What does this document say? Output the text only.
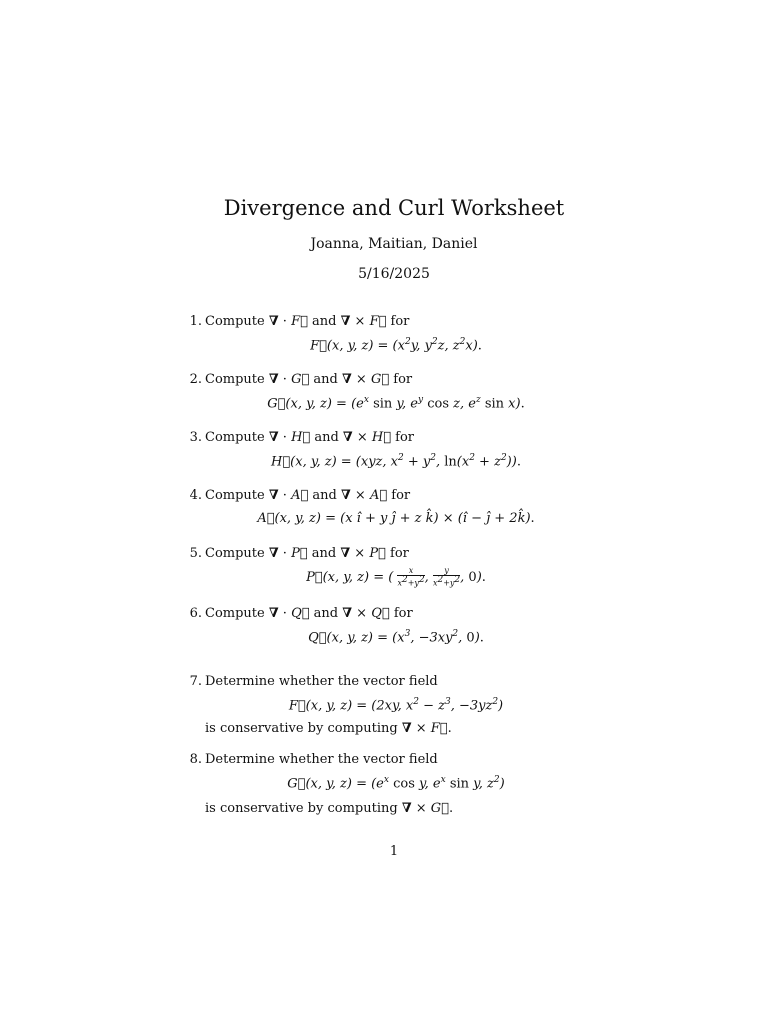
Divergence and Curl Worksheet
Joanna, Maitian, Daniel
5/16/2025
1. Compute ∇ · F⃗ and ∇ × F⃗ for
F⃗(x, y, $z) = (x^2y$, $y^2z$, $z^2x$).
2. Compute ∇ · G⃗ and ∇ × G⃗ for
G⃗(x, y, $z) = (e^x$ sin y, $e^y$ cos z, $e^z$ sin x).
3. Compute ∇ · H⃗ and ∇ × H⃗ for
H⃗(x, y, z) = (xyz, $x^2 + y^2$, $\ln(x^2 + z^2)$).
4. Compute ∇ · A⃗ and ∇ × A⃗ for
A⃗(x, y, z) = (x î + y ĵ + z k̂) × (î − ĵ + 2k̂).
5. Compute ∇ · P⃗ and ∇ × P⃗ for
P⃗(x, y, z) = ( $\frac{x}{x^2+y^2}$ , $\frac{y}{x^2+y^2}$ , 0).
6. Compute ∇ · Q⃗ and ∇ × Q⃗ for
Q⃗(x, y, $z) = (x^3$, $-3xy^2$, 0).
7. Determine whether the vector field
F⃗(x, y, z) = (2xy, $x^2 - z^3$, $-3yz^2$)
is conservative by computing ∇ × F⃗.
8. Determine whether the vector field
G⃗(x, y, $z) = (e^x$ cos y, $e^x$ sin y, $z^2$)
is conservative by computing ∇ × G⃗.
1
